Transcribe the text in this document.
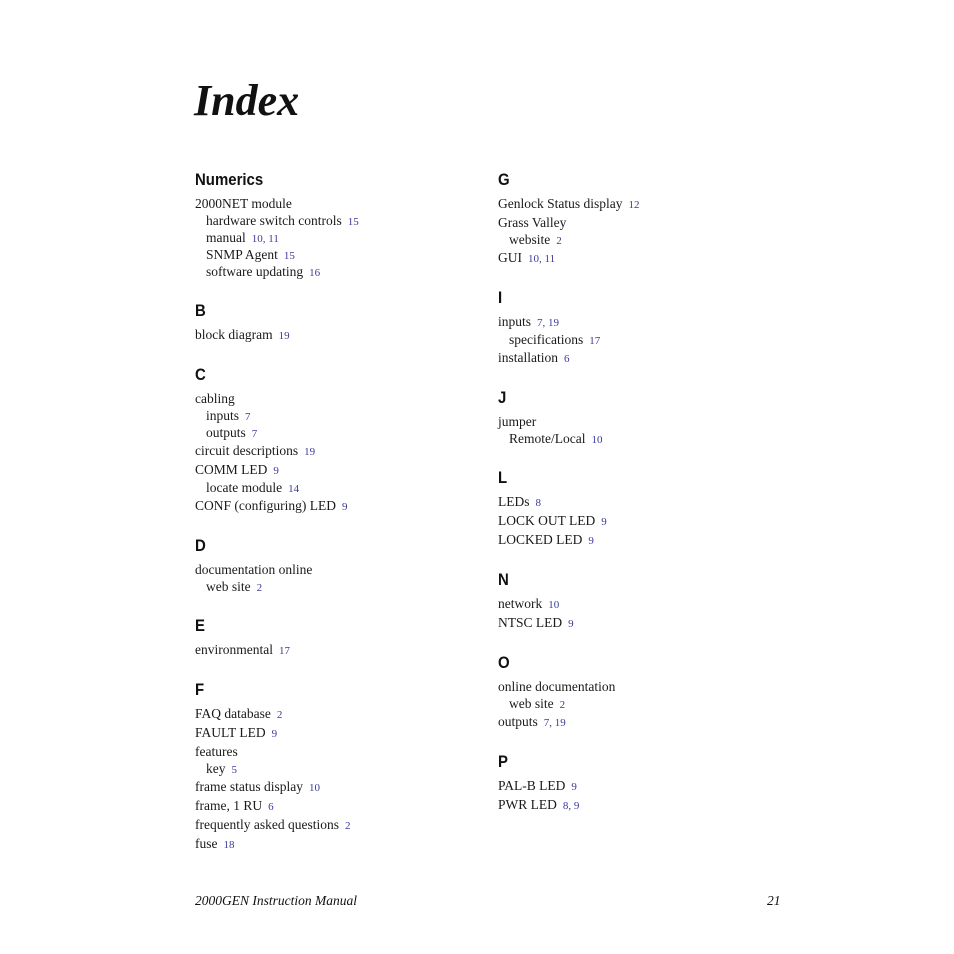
Index
Numerics
2000NET module
hardware switch controls 15
manual 10, 11
SNMP Agent 15
software updating 16
B
block diagram 19
C
cabling
inputs 7
outputs 7
circuit descriptions 19
COMM LED 9
locate module 14
CONF (configuring) LED 9
D
documentation online
web site 2
E
environmental 17
F
FAQ database 2
FAULT LED 9
features
key 5
frame status display 10
frame, 1 RU 6
frequently asked questions 2
fuse 18
G
Genlock Status display 12
Grass Valley
website 2
GUI 10, 11
I
inputs 7, 19
specifications 17
installation 6
J
jumper
Remote/Local 10
L
LEDs 8
LOCK OUT LED 9
LOCKED LED 9
N
network 10
NTSC LED 9
O
online documentation
web site 2
outputs 7, 19
P
PAL-B LED 9
PWR LED 8, 9
2000GEN Instruction Manual	21
